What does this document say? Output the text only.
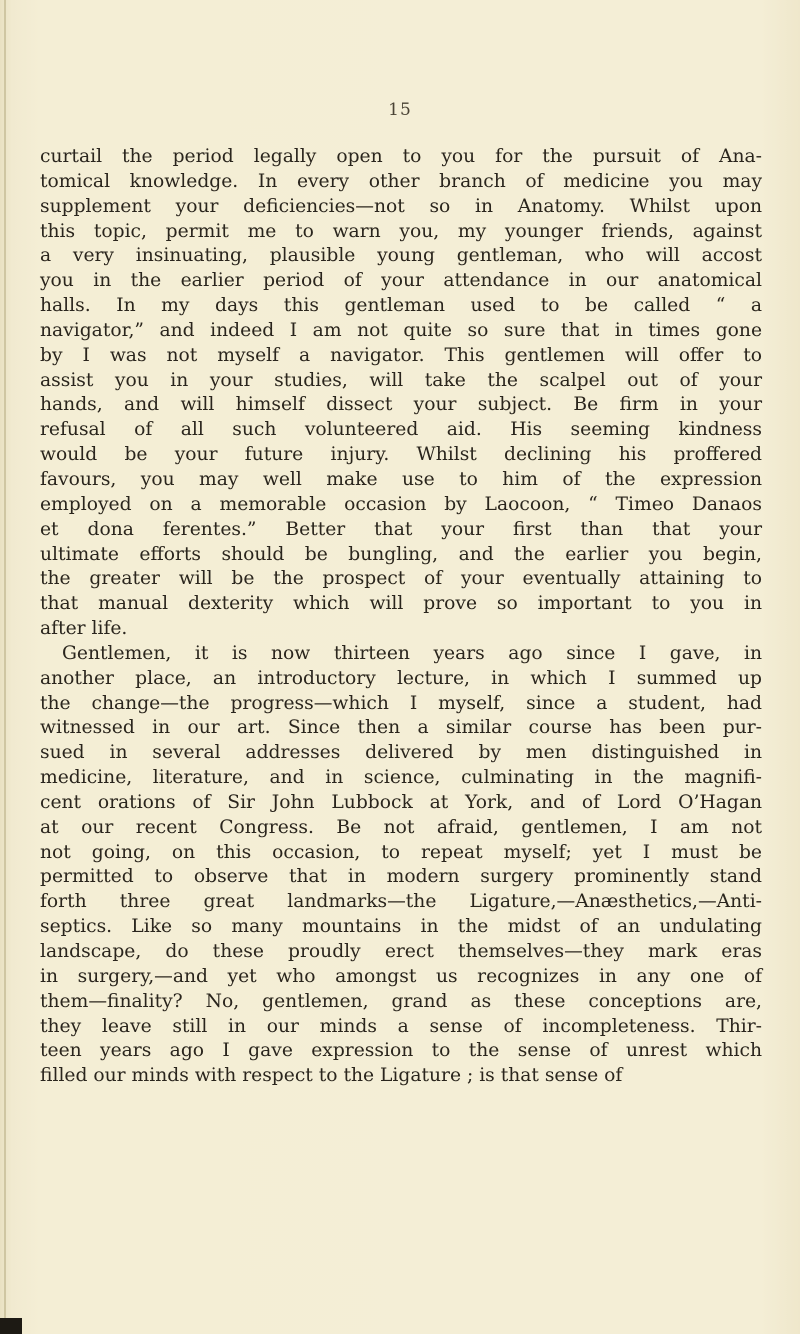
15
curtail the period legally open to you for the pursuit of Ana-
tomical knowledge. In every other branch of medicine you may
supplement your deficiencies—not so in Anatomy. Whilst upon
this topic, permit me to warn you, my younger friends, against
a very insinuating, plausible young gentleman, who will accost
you in the earlier period of your attendance in our anatomical
halls. In my days this gentleman used to be called “ a
navigator,” and indeed I am not quite so sure that in times gone
by I was not myself a navigator. This gentlemen will offer to
assist you in your studies, will take the scalpel out of your
hands, and will himself dissect your subject. Be firm in your
refusal of all such volunteered aid. His seeming kindness
would be your future injury. Whilst declining his proffered
favours, you may well make use to him of the expression
employed on a memorable occasion by Laocoon, “ Timeo Danaos
et dona ferentes.” Better that your first than that your
ultimate efforts should be bungling, and the earlier you begin,
the greater will be the prospect of your eventually attaining to
that manual dexterity which will prove so important to you in
after life.
Gentlemen, it is now thirteen years ago since I gave, in
another place, an introductory lecture, in which I summed up
the change—the progress—which I myself, since a student, had
witnessed in our art. Since then a similar course has been pur-
sued in several addresses delivered by men distinguished in
medicine, literature, and in science, culminating in the magnifi-
cent orations of Sir John Lubbock at York, and of Lord O’Hagan
at our recent Congress. Be not afraid, gentlemen, I am not
not going, on this occasion, to repeat myself; yet I must be
permitted to observe that in modern surgery prominently stand
forth three great landmarks—the Ligature,—Anæsthetics,—Anti-
septics. Like so many mountains in the midst of an undulating
landscape, do these proudly erect themselves—they mark eras
in surgery,—and yet who amongst us recognizes in any one of
them—finality? No, gentlemen, grand as these conceptions are,
they leave still in our minds a sense of incompleteness. Thir-
teen years ago I gave expression to the sense of unrest which
filled our minds with respect to the Ligature ; is that sense of
